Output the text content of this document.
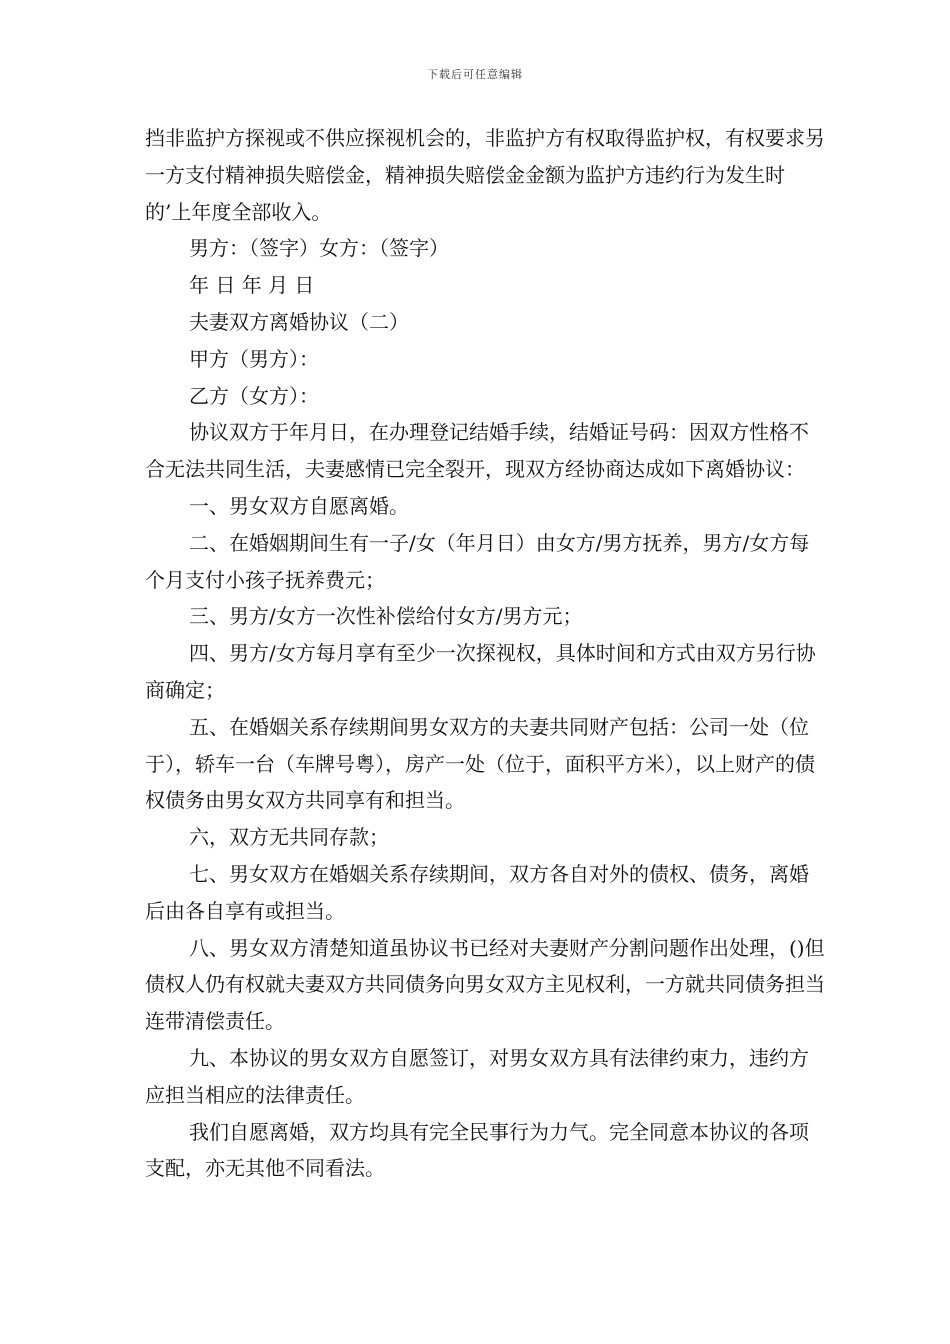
下载后可任意编辑

挡非监护方探视或不供应探视机会的，非监护方有权取得监护权，有权要求另一方支付精神损失赔偿金，精神损失赔偿金金额为监护方违约行为发生时的’上年度全部收入。

男方：（签字）女方：（签字）

年 日 年 月 日

夫妻双方离婚协议（二）

甲方（男方）：

乙方（女方）：

协议双方于年月日，在办理登记结婚手续，结婚证号码：因双方性格不合无法共同生活，夫妻感情已完全裂开，现双方经协商达成如下离婚协议：

一、男女双方自愿离婚。

二、在婚姻期间生有一子/女（年月日）由女方/男方抚养，男方/女方每个月支付小孩子抚养费元；

三、男方/女方一次性补偿给付女方/男方元；

四、男方/女方每月享有至少一次探视权，具体时间和方式由双方另行协商确定；

五、在婚姻关系存续期间男女双方的夫妻共同财产包括：公司一处（位于），轿车一台（车牌号粤），房产一处（位于，面积平方米），以上财产的债权债务由男女双方共同享有和担当。

六，双方无共同存款；

七、男女双方在婚姻关系存续期间，双方各自对外的债权、债务，离婚后由各自享有或担当。

八、男女双方清楚知道虽协议书已经对夫妻财产分割问题作出处理，()但债权人仍有权就夫妻双方共同债务向男女双方主见权利，一方就共同债务担当连带清偿责任。

九、本协议的男女双方自愿签订，对男女双方具有法律约束力，违约方应担当相应的法律责任。

我们自愿离婚，双方均具有完全民事行为力气。完全同意本协议的各项支配，亦无其他不同看法。
